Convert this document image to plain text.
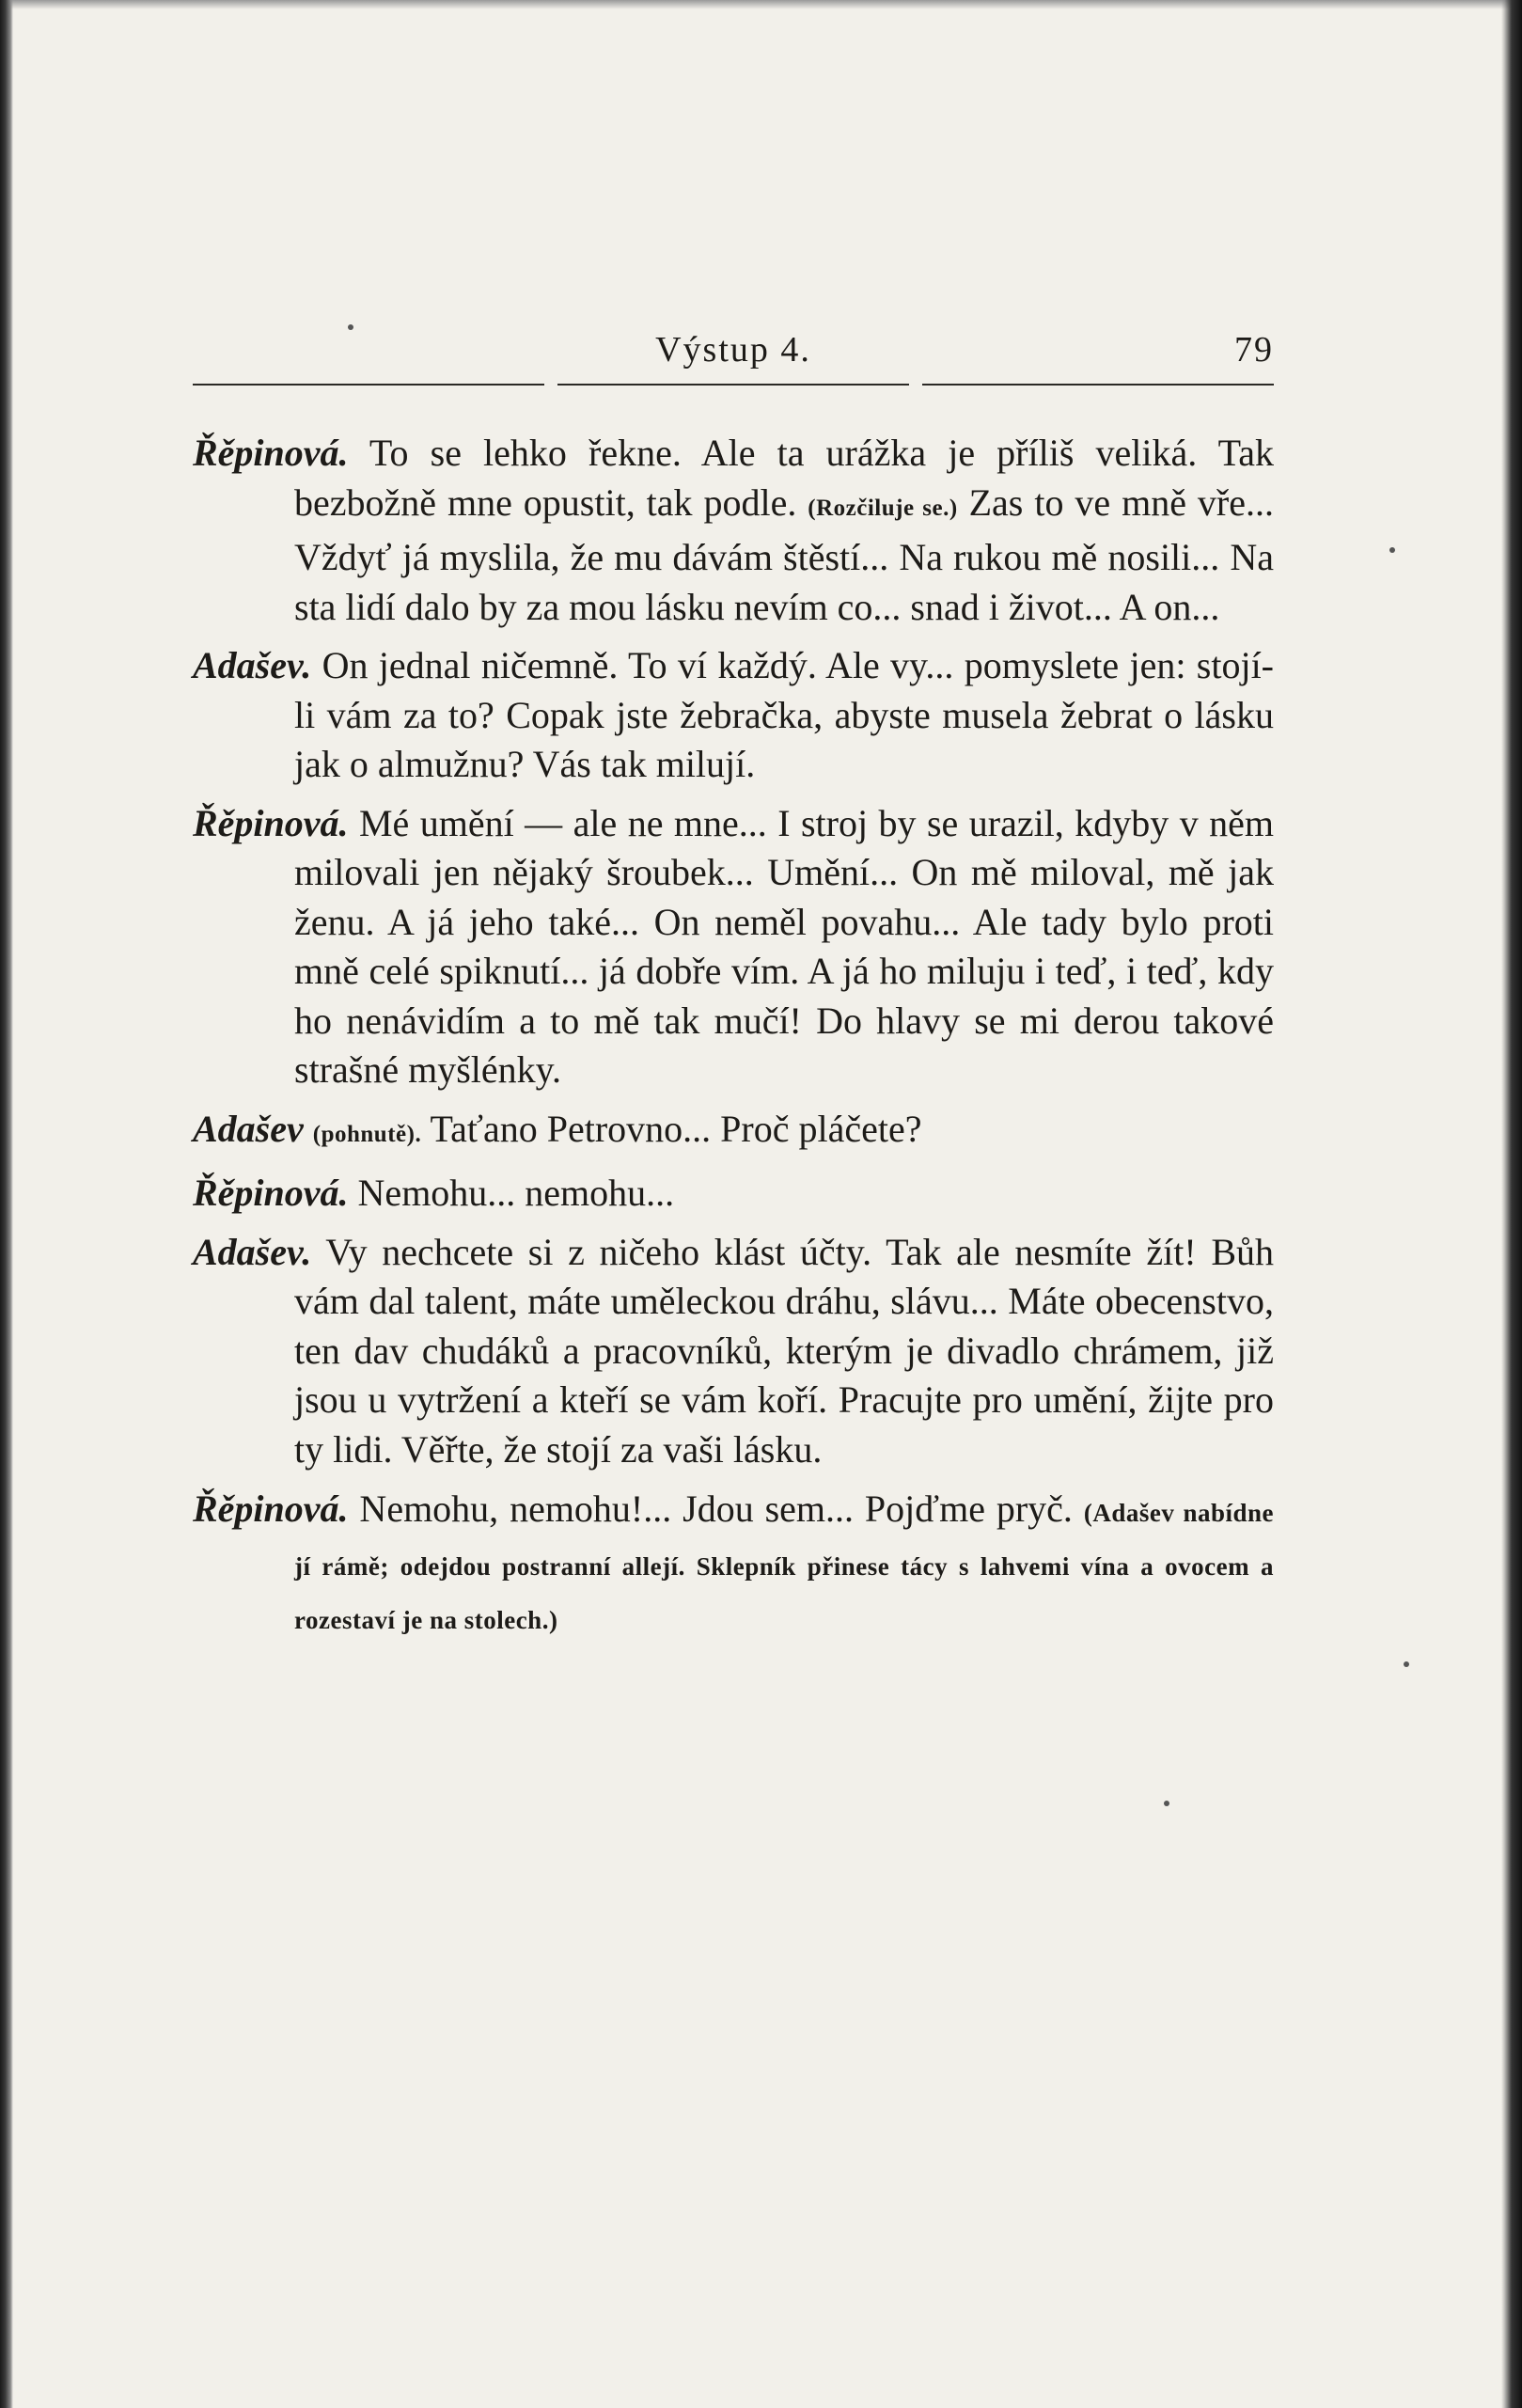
Výstup 4.	79

Řěpinová. To se lehko řekne. Ale ta urážka je příliš veliká. Tak bezbožně mne opustit, tak podle. (Rozčiluje se.) Zas to ve mně vře... Vždyť já myslila, že mu dávám štěstí... Na rukou mě nosili... Na sta lidí dalo by za mou lásku nevím co... snad i život... A on...

Adašev. On jednal ničemně. To ví každý. Ale vy... pomyslete jen: stojí-li vám za to? Copak jste žebračka, abyste musela žebrat o lásku jak o almužnu? Vás tak milují.

Řěpinová. Mé umění — ale ne mne... I stroj by se urazil, kdyby v něm milovali jen nějaký šroubek... Umění... On mě miloval, mě jak ženu. A já jeho také... On neměl povahu... Ale tady bylo proti mně celé spiknutí... já dobře vím. A já ho miluju i teď, i teď, kdy ho nenávidím a to mě tak mučí! Do hlavy se mi derou takové strašné myšlénky.

Adašev (pohnutě). Taťano Petrovno... Proč pláčete?

Řěpinová. Nemohu... nemohu...

Adašev. Vy nechcete si z ničeho klást účty. Tak ale nesmíte žít! Bůh vám dal talent, máte uměleckou dráhu, slávu... Máte obecenstvo, ten dav chudáků a pracovníků, kterým je divadlo chrámem, již jsou u vytržení a kteří se vám koří. Pracujte pro umění, žijte pro ty lidi. Věřte, že stojí za vaši lásku.

Řěpinová. Nemohu, nemohu!... Jdou sem... Pojďme pryč. (Adašev nabídne jí rámě; odejdou postranní allejí. Sklepník přinese tácy s lahvemi vína a ovocem a rozestaví je na stolech.)
